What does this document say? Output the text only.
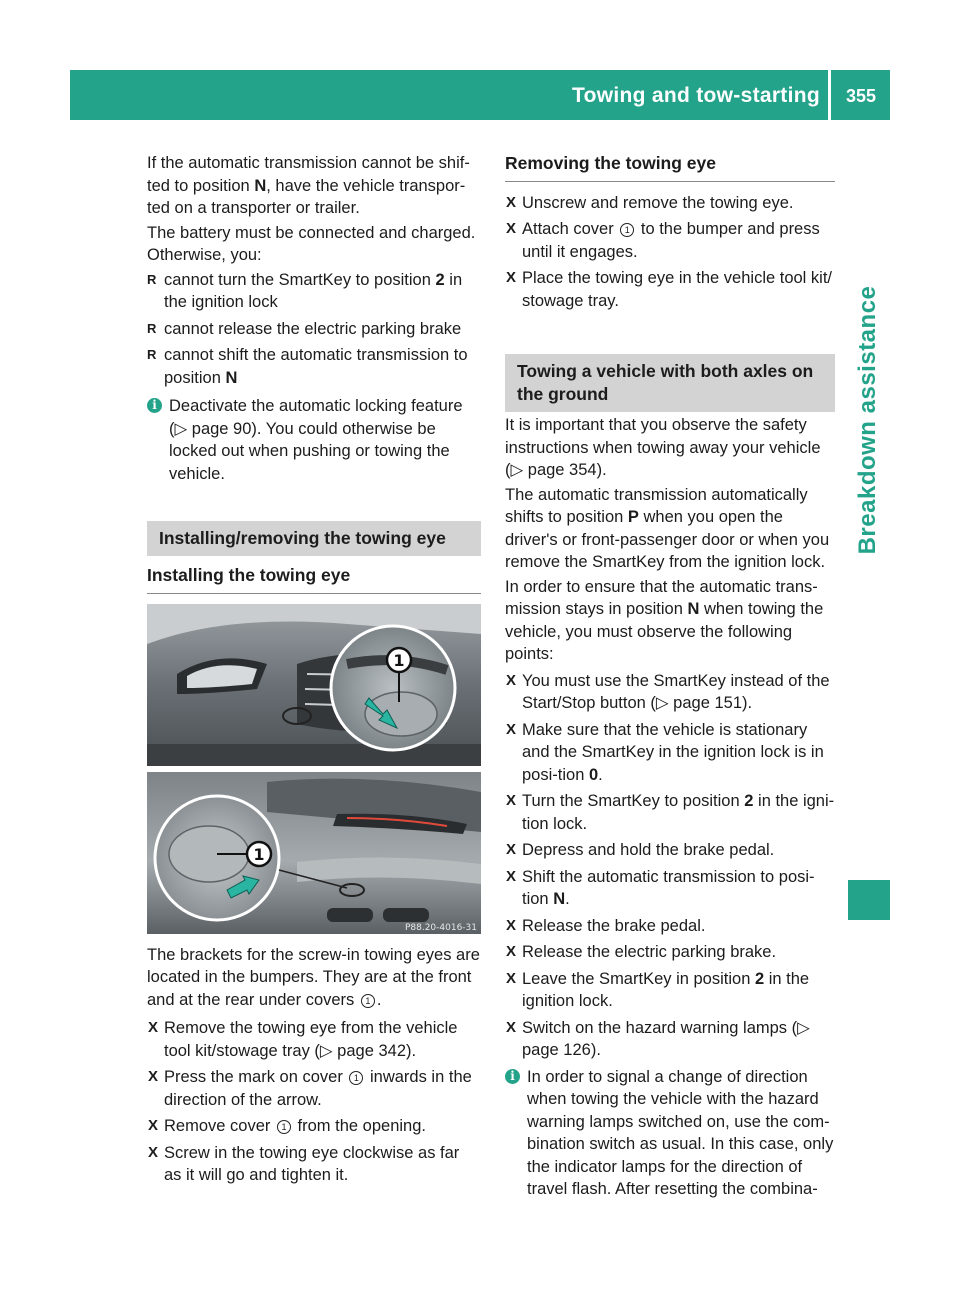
Towing and tow-starting	355
Breakdown assistance

If the automatic transmission cannot be shif-
ted to position N, have the vehicle transpor-
ted on a transporter or trailer.

The battery must be connected and charged. Otherwise, you:

R cannot turn the SmartKey to position 2 in the ignition lock
R cannot release the electric parking brake
R cannot shift the automatic transmission to position N
i Deactivate the automatic locking feature (▷ page 90). You could otherwise be locked out when pushing or towing the vehicle.
Installing/removing the towing eye
Installing the towing eye
1
1
P88.20-4016-31

The brackets for the screw-in towing eyes are located in the bumpers. They are at the front and at the rear under covers 1 .

X Remove the towing eye from the vehicle tool kit/stowage tray (▷ page 342).
X Press the mark on cover 1 inwards in the direction of the arrow.
X Remove cover 1 from the opening.
X Screw in the towing eye clockwise as far as it will go and tighten it.
Removing the towing eye
X Unscrew and remove the towing eye.
X Attach cover 1 to the bumper and press until it engages.
X Place the towing eye in the vehicle tool kit/ stowage tray.
Towing a vehicle with both axles on the ground

It is important that you observe the safety instructions when towing away your vehicle (▷ page 354).

The automatic transmission automatically shifts to position P when you open the driver's or front-passenger door or when you remove the SmartKey from the ignition lock.

In order to ensure that the automatic trans-mission stays in position N when towing the vehicle, you must observe the following points:

X You must use the SmartKey instead of the Start/Stop button (▷ page 151).
X Make sure that the vehicle is stationary and the SmartKey in the ignition lock is in posi-tion 0.
X Turn the SmartKey to position 2 in the igni-tion lock.
X Depress and hold the brake pedal.
X Shift the automatic transmission to posi-tion N.
X Release the brake pedal.
X Release the electric parking brake.
X Leave the SmartKey in position 2 in the ignition lock.
X Switch on the hazard warning lamps (▷ page 126).
i In order to signal a change of direction when towing the vehicle with the hazard warning lamps switched on, use the com-bination switch as usual. In this case, only the indicator lamps for the direction of travel flash. After resetting the combina-
